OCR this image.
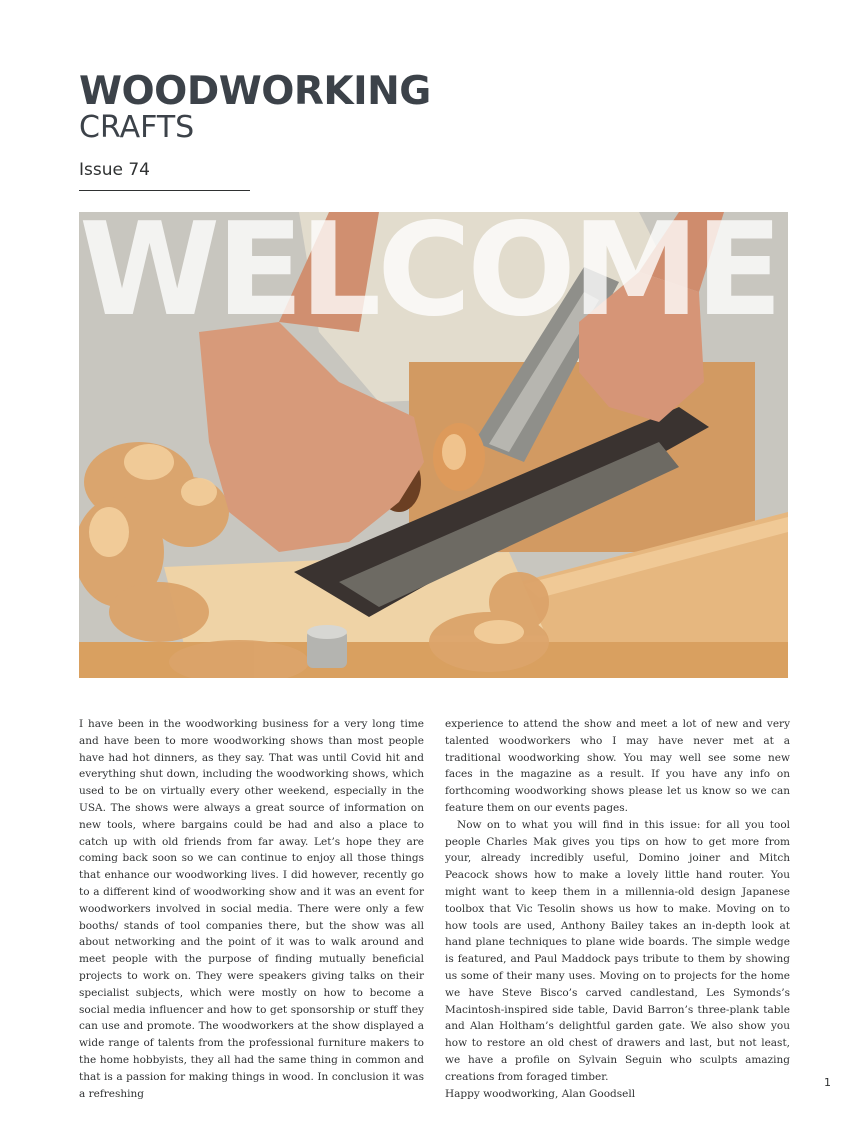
WOODWORKING
CRAFTS
Issue 74
WELCOME

I have been in the woodworking business for a very long time and have been to more woodworking shows than most people have had hot dinners, as they say. That was until Covid hit and everything shut down, including the woodworking shows, which used to be on virtually every other weekend, especially in the USA. The shows were always a great source of information on new tools, where bargains could be had and also a place to catch up with old friends from far away. Let’s hope they are coming back soon so we can continue to enjoy all those things that enhance our woodworking lives. I did however, recently go to a different kind of woodworking show and it was an event for woodworkers involved in social media. There were only a few booths/ stands of tool companies there, but the show was all about networking and the point of it was to walk around and meet people with the purpose of finding mutually beneficial projects to work on. They were speakers giving talks on their specialist subjects, which were mostly on how to become a social media influencer and how to get sponsorship or stuff they can use and promote. The woodworkers at the show displayed a wide range of talents from the professional furniture makers to the home hobbyists, they all had the same thing in common and that is a passion for making things in wood. In conclusion it was a refreshing

experience to attend the show and meet a lot of new and very talented woodworkers who I may have never met at a traditional woodworking show. You may well see some new faces in the magazine as a result. If you have any info on forthcoming woodworking shows please let us know so we can feature them on our events pages.

Now on to what you will find in this issue: for all you tool people Charles Mak gives you tips on how to get more from your, already incredibly useful, Domino joiner and Mitch Peacock shows how to make a lovely little hand router. You might want to keep them in a millennia-old design Japanese toolbox that Vic Tesolin shows us how to make. Moving on to how tools are used, Anthony Bailey takes an in-depth look at hand plane techniques to plane wide boards. The simple wedge is featured, and Paul Maddock pays tribute to them by showing us some of their many uses. Moving on to projects for the home we have Steve Bisco’s carved candlestand, Les Symonds’s Macintosh-inspired side table, David Barron’s three-plank table and Alan Holtham’s delightful garden gate. We also show you how to restore an old chest of drawers and last, but not least, we have a profile on Sylvain Seguin who sculpts amazing creations from foraged timber.

Happy woodworking, Alan Goodsell

1
